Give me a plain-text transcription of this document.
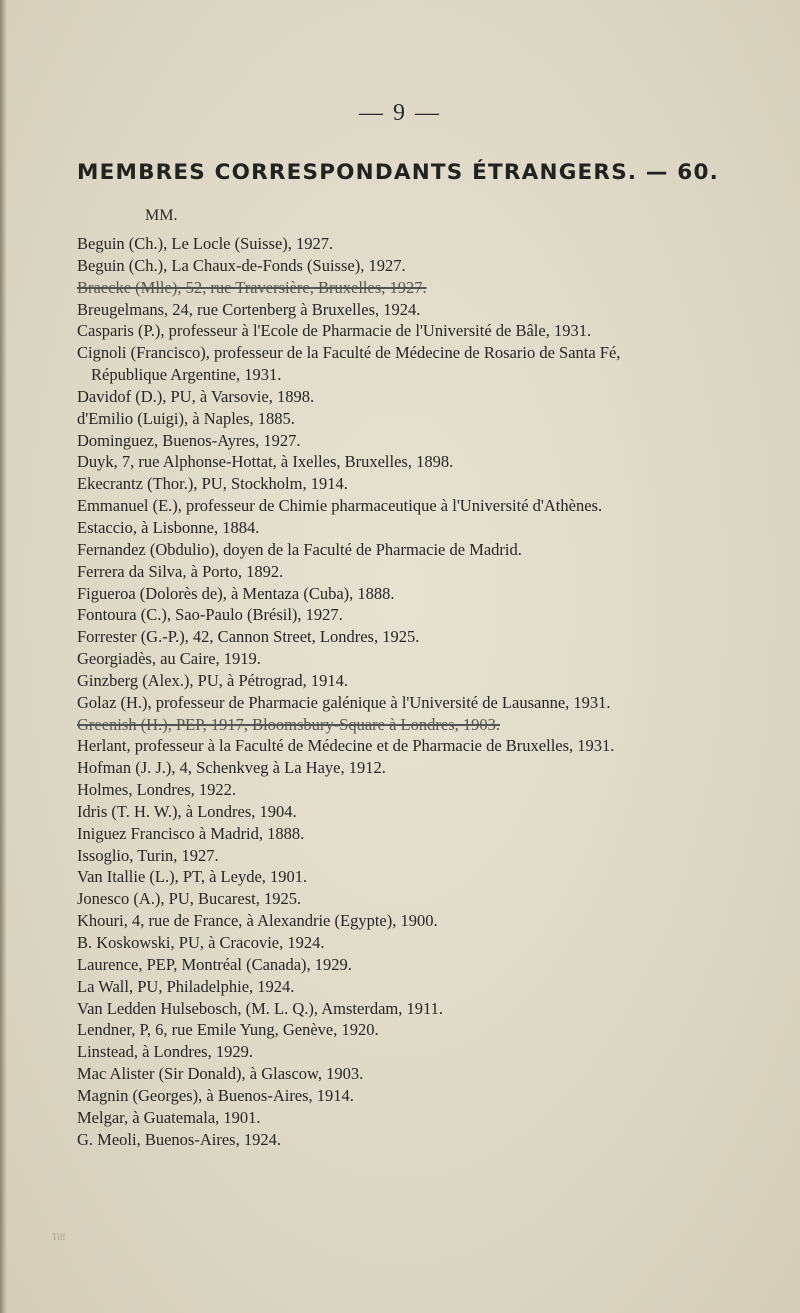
— 9 —
MEMBRES CORRESPONDANTS ÉTRANGERS. — 60.
MM.
Beguin (Ch.), Le Locle (Suisse), 1927.
Beguin (Ch.), La Chaux-de-Fonds (Suisse), 1927.
Braecke (Mlle), 52, rue Traversière, Bruxelles, 1927.
Breugelmans, 24, rue Cortenberg à Bruxelles, 1924.
Casparis (P.), professeur à l'Ecole de Pharmacie de l'Université de Bâle, 1931.
Cignoli (Francisco), professeur de la Faculté de Médecine de Rosario de Santa Fé, République Argentine, 1931.
Davidof (D.), PU, à Varsovie, 1898.
d'Emilio (Luigi), à Naples, 1885.
Dominguez, Buenos-Ayres, 1927.
Duyk, 7, rue Alphonse-Hottat, à Ixelles, Bruxelles, 1898.
Ekecrantz (Thor.), PU, Stockholm, 1914.
Emmanuel (E.), professeur de Chimie pharmaceutique à l'Université d'Athènes.
Estaccio, à Lisbonne, 1884.
Fernandez (Obdulio), doyen de la Faculté de Pharmacie de Madrid.
Ferrera da Silva, à Porto, 1892.
Figueroa (Dolorès de), à Mentaza (Cuba), 1888.
Fontoura (C.), Sao-Paulo (Brésil), 1927.
Forrester (G.-P.), 42, Cannon Street, Londres, 1925.
Georgiadès, au Caire, 1919.
Ginzberg (Alex.), PU, à Pétrograd, 1914.
Golaz (H.), professeur de Pharmacie galénique à l'Université de Lausanne, 1931.
Greenish (H.), PEP, 1917, Bloomsbury-Square à Londres, 1903.
Herlant, professeur à la Faculté de Médecine et de Pharmacie de Bruxelles, 1931.
Hofman (J. J.), 4, Schenkveg à La Haye, 1912.
Holmes, Londres, 1922.
Idris (T. H. W.), à Londres, 1904.
Iniguez Francisco à Madrid, 1888.
Issoglio, Turin, 1927.
Van Itallie (L.), PT, à Leyde, 1901.
Jonesco (A.), PU, Bucarest, 1925.
Khouri, 4, rue de France, à Alexandrie (Egypte), 1900.
B. Koskowski, PU, à Cracovie, 1924.
Laurence, PEP, Montréal (Canada), 1929.
La Wall, PU, Philadelphie, 1924.
Van Ledden Hulsebosch, (M. L. Q.), Amsterdam, 1911.
Lendner, P, 6, rue Emile Yung, Genève, 1920.
Linstead, à Londres, 1929.
Mac Alister (Sir Donald), à Glascow, 1903.
Magnin (Georges), à Buenos-Aires, 1914.
Melgar, à Guatemala, 1901.
G. Meoli, Buenos-Aires, 1924.
Tiff
